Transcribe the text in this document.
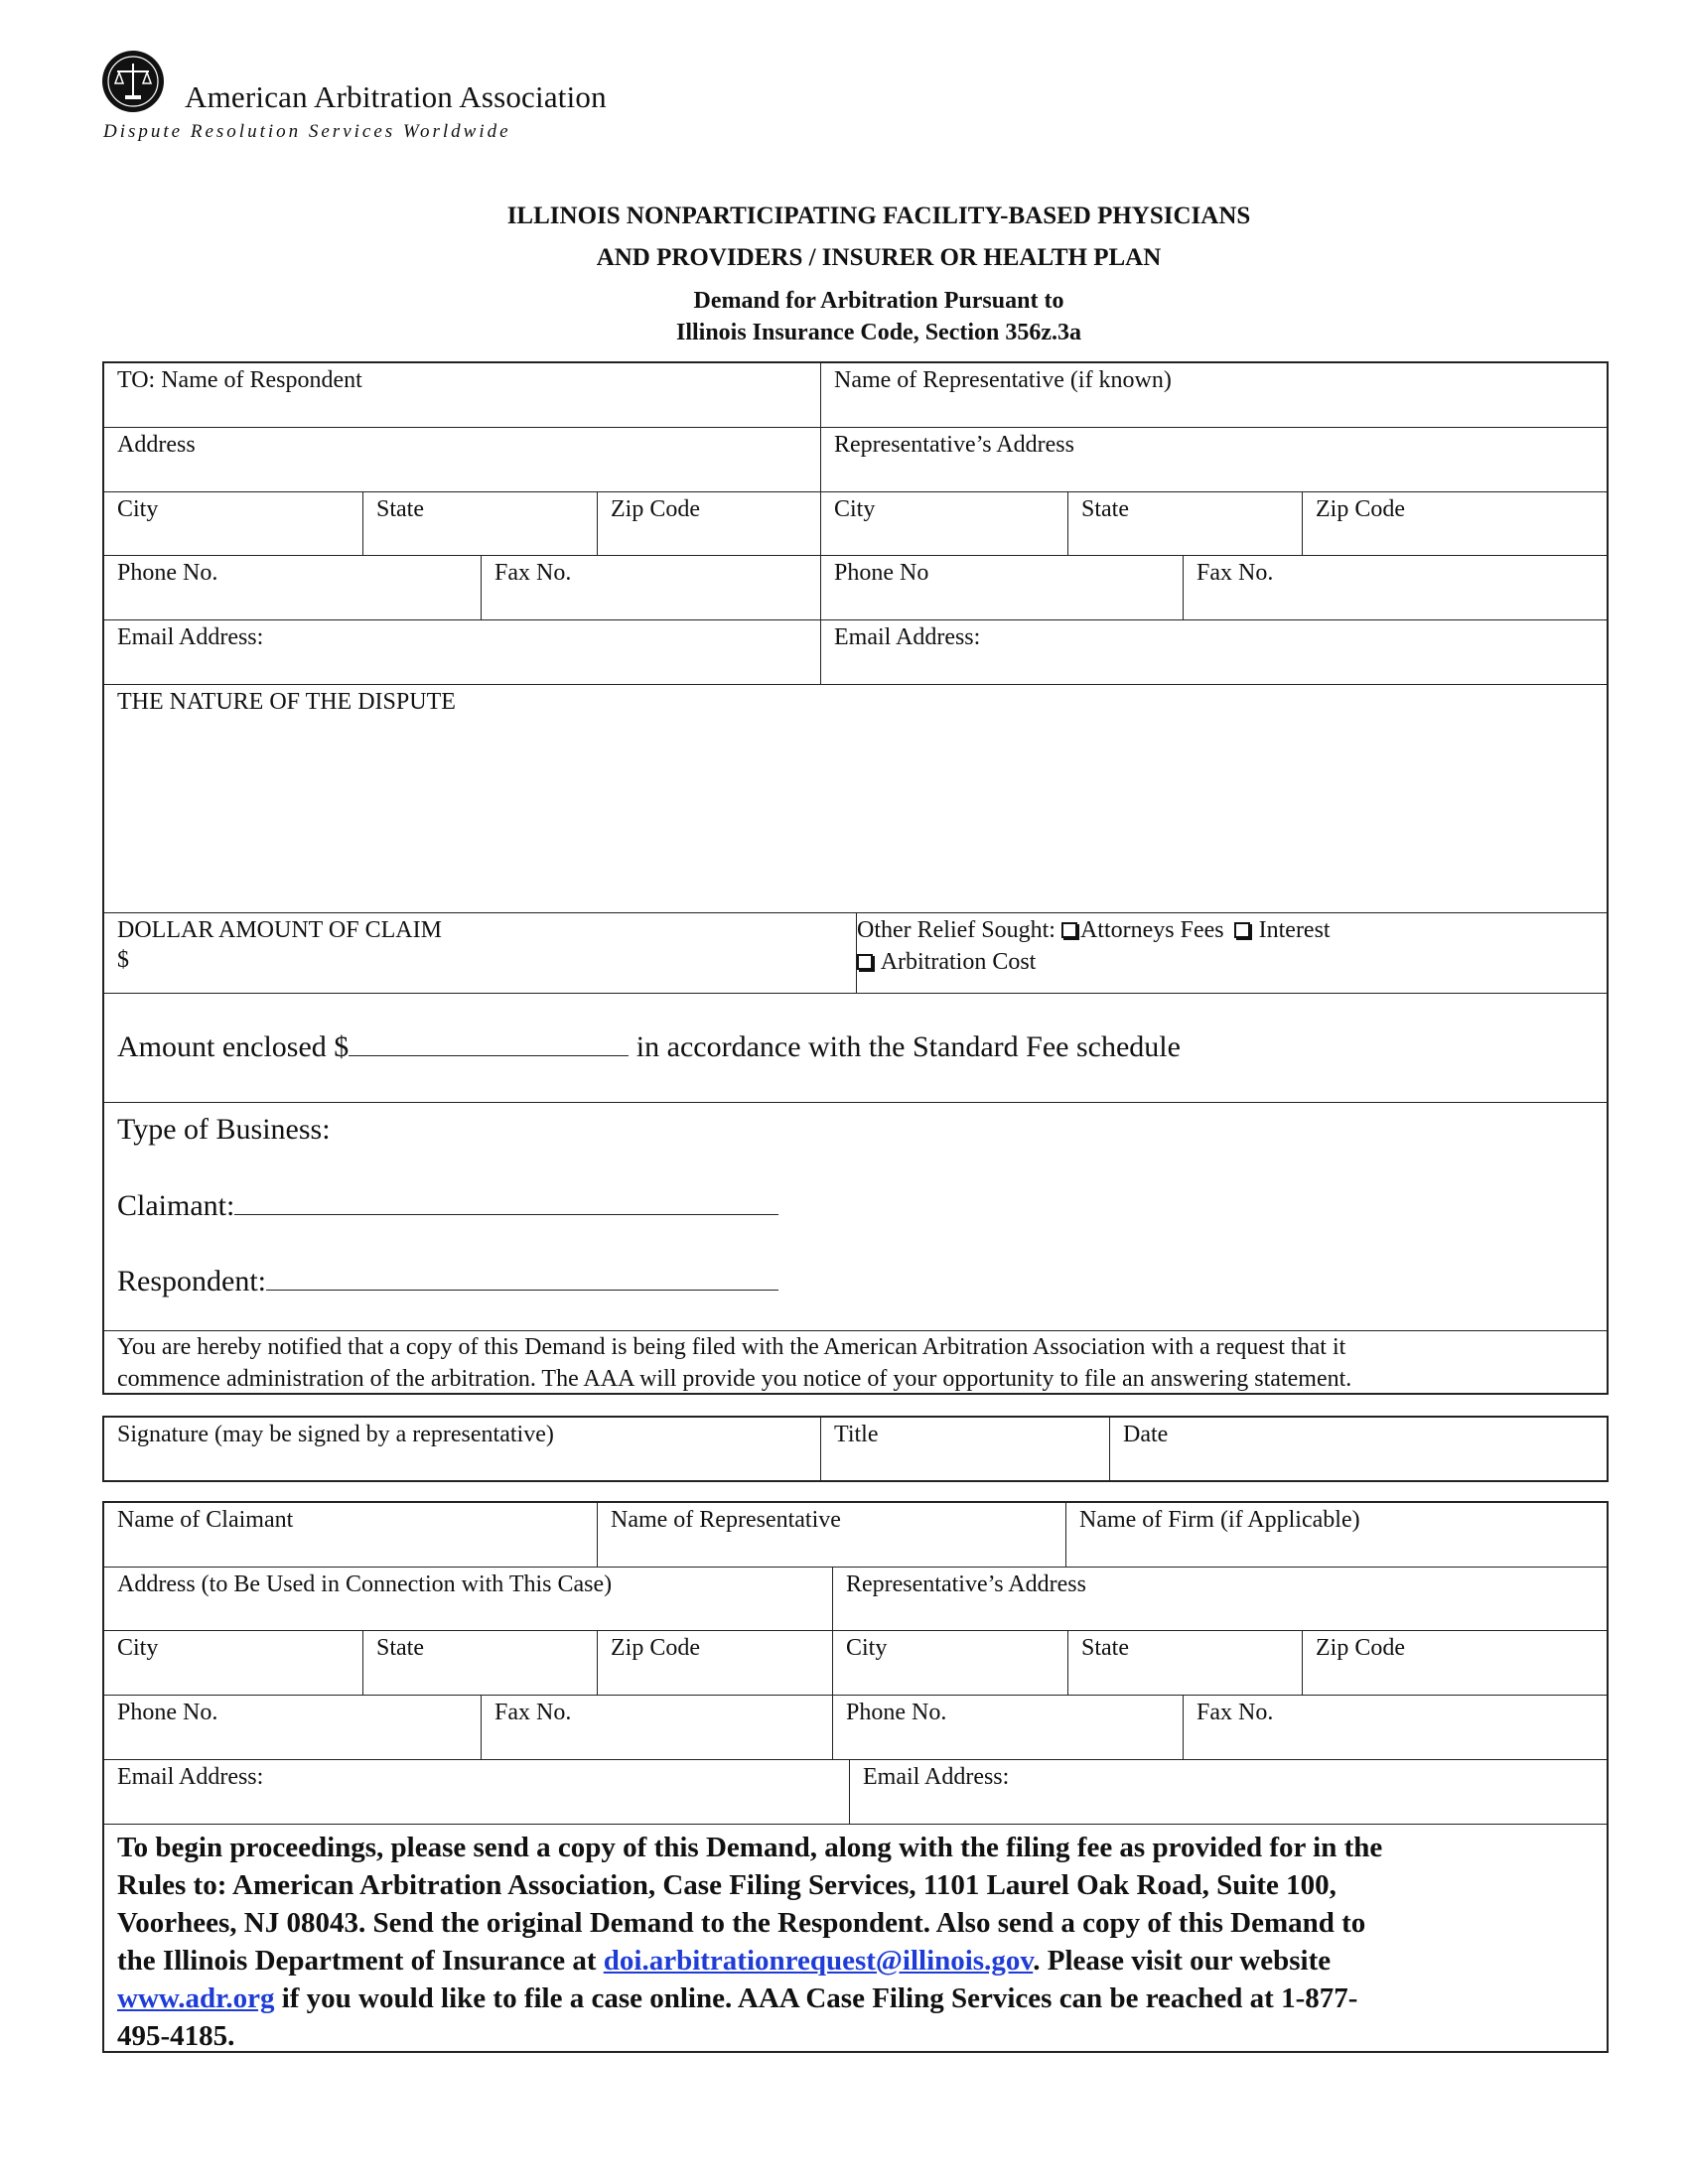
American Arbitration Association
Dispute Resolution Services Worldwide
ILLINOIS NONPARTICIPATING FACILITY-BASED PHYSICIANS
AND PROVIDERS / INSURER OR HEALTH PLAN
Demand for Arbitration Pursuant to
Illinois Insurance Code, Section 356z.3a
TO: Name of Respondent	Name of Representative (if known)
Address	Representative’s Address
City	State	Zip Code	City	State	Zip Code
Phone No.	Fax No.	Phone No	Fax No.
Email Address:	Email Address:
THE NATURE OF THE DISPUTE
DOLLAR AMOUNT OF CLAIM
$
Other Relief Sought: Attorneys Fees Interest
Arbitration Cost
Amount enclosed $	in accordance with the Standard Fee schedule
Type of Business:
Claimant:
Respondent:
You are hereby notified that a copy of this Demand is being filed with the American Arbitration Association with a request that it
commence administration of the arbitration. The AAA will provide you notice of your opportunity to file an answering statement.
Signature (may be signed by a representative)	Title	Date
Name of Claimant	Name of Representative	Name of Firm (if Applicable)
Address (to Be Used in Connection with This Case)	Representative’s Address
City	State	Zip Code	City	State	Zip Code
Phone No.	Fax No.	Phone No.	Fax No.
Email Address:	Email Address:
To begin proceedings, please send a copy of this Demand, along with the filing fee as provided for in the
Rules to: American Arbitration Association, Case Filing Services, 1101 Laurel Oak Road, Suite 100,
Voorhees, NJ 08043. Send the original Demand to the Respondent. Also send a copy of this Demand to
the Illinois Department of Insurance at doi.arbitrationrequest@illinois.gov. Please visit our website
www.adr.org if you would like to file a case online. AAA Case Filing Services can be reached at 1-877-
495-4185.
